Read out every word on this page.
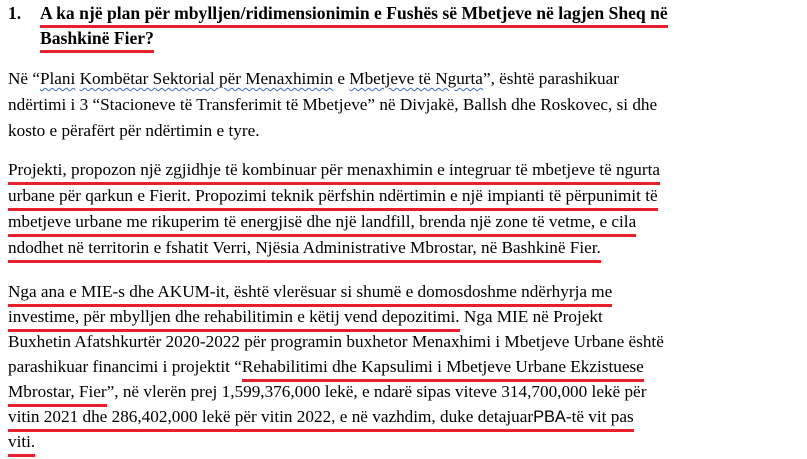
1. A ka një plan për mbylljen/ridimensionimin e Fushës së Mbetjeve në lagjen Sheq në
Bashkinë Fier?
Në “Plani Kombëtar Sektorial për Menaxhimin e Mbetjeve të Ngurta”, është parashikuar
ndërtimi i 3 “Stacioneve të Transferimit të Mbetjeve” në Divjakë, Ballsh dhe Roskovec, si dhe
kosto e përafërt për ndërtimin e tyre.
Projekti, propozon një zgjidhje të kombinuar për menaxhimin e integruar të mbetjeve të ngurta
urbane për qarkun e Fierit. Propozimi teknik përfshin ndërtimin e një impianti të përpunimit të
mbetjeve urbane me rikuperim të energjisë dhe një landfill, brenda një zone të vetme, e cila
ndodhet në territorin e fshatit Verri, Njësia Administrative Mbrostar, në Bashkinë Fier.
Nga ana e MIE-s dhe AKUM-it, është vlerësuar si shumë e domosdoshme ndërhyrja me
investime, për mbylljen dhe rehabilitimin e këtij vend depozitimi. Nga MIE në Projekt
Buxhetin Afatshkurtër 2020-2022 për programin buxhetor Menaxhimi i Mbetjeve Urbane është
parashikuar financimi i projektit “Rehabilitimi dhe Kapsulimi i Mbetjeve Urbane Ekzistuese
Mbrostar, Fier”, në vlerën prej 1,599,376,000 lekë, e ndarë sipas viteve 314,700,000 lekë për
vitin 2021 dhe 286,402,000 lekë për vitin 2022, e në vazhdim, duke detajuarPBA-të vit pas
viti.
